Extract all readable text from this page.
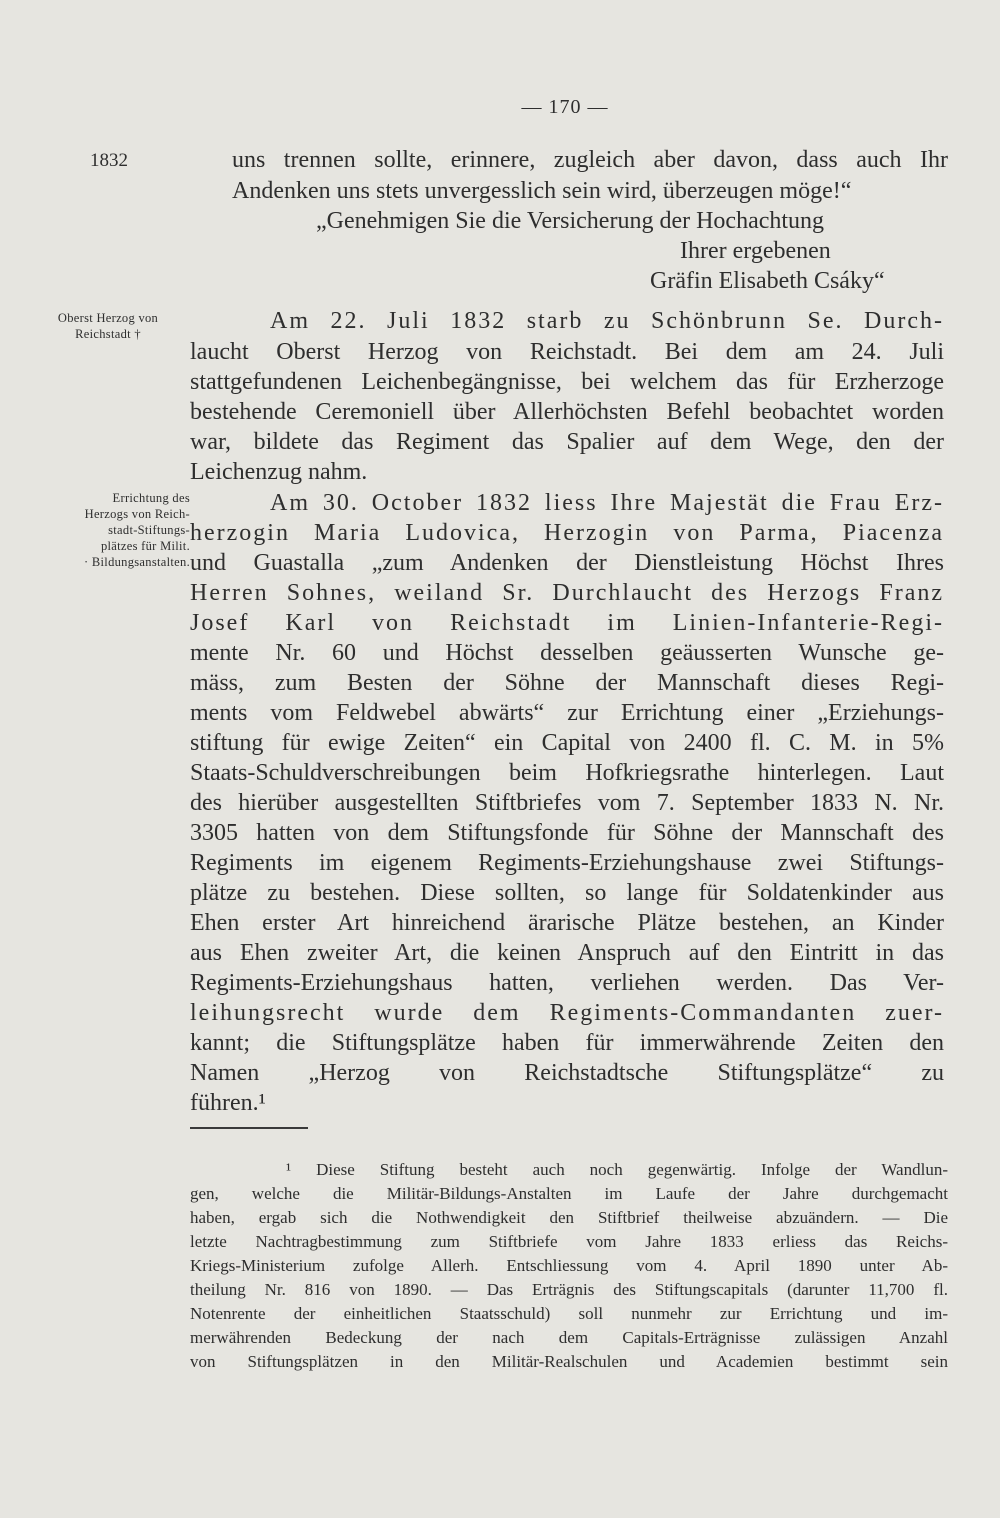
— 170 —
1832
Oberst Herzog von
Reichstadt †
Errichtung des
Herzogs von Reich-
stadt-Stiftungs-
plätzes für Milit.
· Bildungsanstalten.
uns trennen sollte, erinnere, zugleich aber davon, dass auch Ihr
Andenken uns stets unvergesslich sein wird, überzeugen möge!“
„Genehmigen Sie die Versicherung der Hochachtung
Ihrer ergebenen
Gräfin Elisabeth Csáky“
Am 22. Juli 1832 starb zu Schönbrunn Se. Durch-
laucht Oberst Herzog von Reichstadt. Bei dem am 24. Juli
stattgefundenen Leichenbegängnisse, bei welchem das für Erzherzoge
bestehende Ceremoniell über Allerhöchsten Befehl beobachtet worden
war, bildete das Regiment das Spalier auf dem Wege, den der
Leichenzug nahm.
Am 30. October 1832 liess Ihre Majestät die Frau Erz-
herzogin Maria Ludovica, Herzogin von Parma, Piacenza
und Guastalla „zum Andenken der Dienstleistung Höchst Ihres
Herren Sohnes, weiland Sr. Durchlaucht des Herzogs Franz
Josef Karl von Reichstadt im Linien-Infanterie-Regi-
mente Nr. 60 und Höchst desselben geäusserten Wunsche ge-
mäss, zum Besten der Söhne der Mannschaft dieses Regi-
ments vom Feldwebel abwärts“ zur Errichtung einer „Erziehungs-
stiftung für ewige Zeiten“ ein Capital von 2400 fl. C. M. in 5%
Staats-Schuldverschreibungen beim Hofkriegsrathe hinterlegen. Laut
des hierüber ausgestellten Stiftbriefes vom 7. September 1833 N. Nr.
3305 hatten von dem Stiftungsfonde für Söhne der Mannschaft des
Regiments im eigenem Regiments-Erziehungshause zwei Stiftungs-
plätze zu bestehen. Diese sollten, so lange für Soldatenkinder aus
Ehen erster Art hinreichend ärarische Plätze bestehen, an Kinder
aus Ehen zweiter Art, die keinen Anspruch auf den Eintritt in das
Regiments-Erziehungshaus hatten, verliehen werden. Das Ver-
leihungsrecht wurde dem Regiments-Commandanten zuer-
kannt; die Stiftungsplätze haben für immerwährende Zeiten den
Namen „Herzog von Reichstadtsche Stiftungsplätze“ zu
führen.¹
¹ Diese Stiftung besteht auch noch gegenwärtig. Infolge der Wandlun-
gen, welche die Militär-Bildungs-Anstalten im Laufe der Jahre durchgemacht
haben, ergab sich die Nothwendigkeit den Stiftbrief theilweise abzuändern. — Die
letzte Nachtragbestimmung zum Stiftbriefe vom Jahre 1833 erliess das Reichs-
Kriegs-Ministerium zufolge Allerh. Entschliessung vom 4. April 1890 unter Ab-
theilung Nr. 816 von 1890. — Das Erträgnis des Stiftungscapitals (darunter 11,700 fl.
Notenrente der einheitlichen Staatsschuld) soll nunmehr zur Errichtung und im-
merwährenden Bedeckung der nach dem Capitals-Erträgnisse zulässigen Anzahl
von Stiftungsplätzen in den Militär-Realschulen und Academien bestimmt sein
